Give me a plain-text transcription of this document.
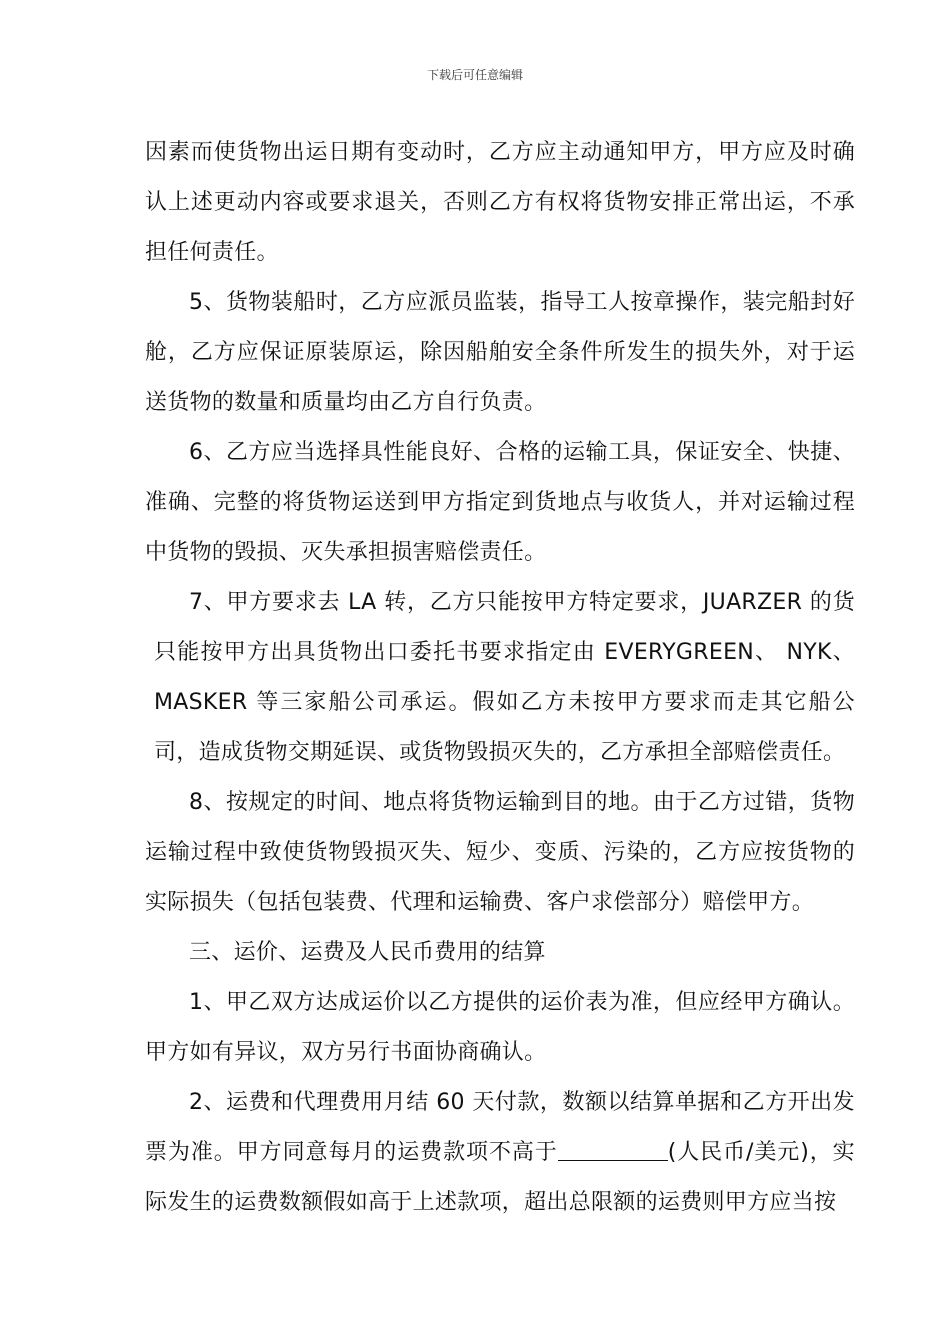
下载后可任意编辑

因素而使货物出运日期有变动时，乙方应主动通知甲方，甲方应及时确认上述更动内容或要求退关，否则乙方有权将货物安排正常出运，不承担任何责任。

5、货物装船时，乙方应派员监装，指导工人按章操作，装完船封好舱，乙方应保证原装原运，除因船舶安全条件所发生的损失外，对于运送货物的数量和质量均由乙方自行负责。

6、乙方应当选择具性能良好、合格的运输工具，保证安全、快捷、准确、完整的将货物运送到甲方指定到货地点与收货人，并对运输过程中货物的毁损、灭失承担损害赔偿责任。

7、甲方要求去 LA 转，乙方只能按甲方特定要求，JUARZER 的货只能按甲方出具货物出口委托书要求指定由 EVERYGREEN、 NYK、MASKER 等三家船公司承运。假如乙方未按甲方要求而走其它船公司，造成货物交期延误、或货物毁损灭失的，乙方承担全部赔偿责任。

8、按规定的时间、地点将货物运输到目的地。由于乙方过错，货物运输过程中致使货物毁损灭失、短少、变质、污染的，乙方应按货物的实际损失（包括包装费、代理和运输费、客户求偿部分）赔偿甲方。

三、运价、运费及人民币费用的结算

1、甲乙双方达成运价以乙方提供的运价表为准，但应经甲方确认。甲方如有异议，双方另行书面协商确认。

2、运费和代理费用月结 60 天付款，数额以结算单据和乙方开出发票为准。甲方同意每月的运费款项不高于	(人民币/美元)，实际发生的运费数额假如高于上述款项，超出总限额的运费则甲方应当按
